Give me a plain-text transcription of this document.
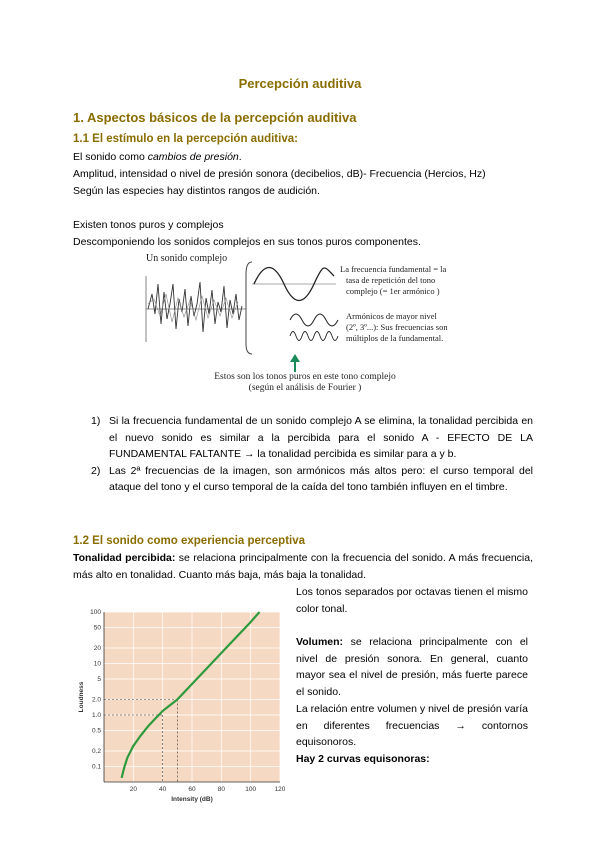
Percepción auditiva
1. Aspectos básicos de la percepción auditiva
1.1 El estímulo en la percepción auditiva:
El sonido como cambios de presión.
Amplitud, intensidad o nivel de presión sonora (decibelios, dB)- Frecuencia (Hercios, Hz)
Según las especies hay distintos rangos de audición.
Existen tonos puros y complejos
Descomponiendo los sonidos complejos en sus tonos puros componentes.
Un sonido complejo
La frecuencia fundamental = la
tasa de repetición del tono
complejo (= 1er armónico )
Armónicos de mayor nivel
(2º, 3º...): Sus frecuencias son
múltiplos de la fundamental.
Estos son los tonos puros en este tono complejo
(según el análisis de Fourier )
1) Si la frecuencia fundamental de un sonido complejo A se elimina, la tonalidad percibida en el nuevo sonido es similar a la percibida para el sonido A - EFECTO DE LA FUNDAMENTAL FALTANTE → la tonalidad percibida es similar para a y b.
2) Las 2ª frecuencias de la imagen, son armónicos más altos pero: el curso temporal del ataque del tono y el curso temporal de la caída del tono también influyen en el timbre.
1.2 El sonido como experiencia perceptiva
Tonalidad percibida: se relaciona principalmente con la frecuencia del sonido. A más frecuencia, más alto en tonalidad. Cuanto más baja, más baja la tonalidad.
20	40	60	80	100	120
100
50
20
10
5
2.0
1.0
0.5
0.2
0.1
Intensity (dB)
Loudness
Los tonos separados por octavas tienen el mismo color tonal.
Volumen: se relaciona principalmente con el nivel de presión sonora. En general, cuanto mayor sea el nivel de presión, más fuerte parece el sonido.
La relación entre volumen y nivel de presión varía en diferentes frecuencias → contornos equisonoros.
Hay 2 curvas equisonoras:
